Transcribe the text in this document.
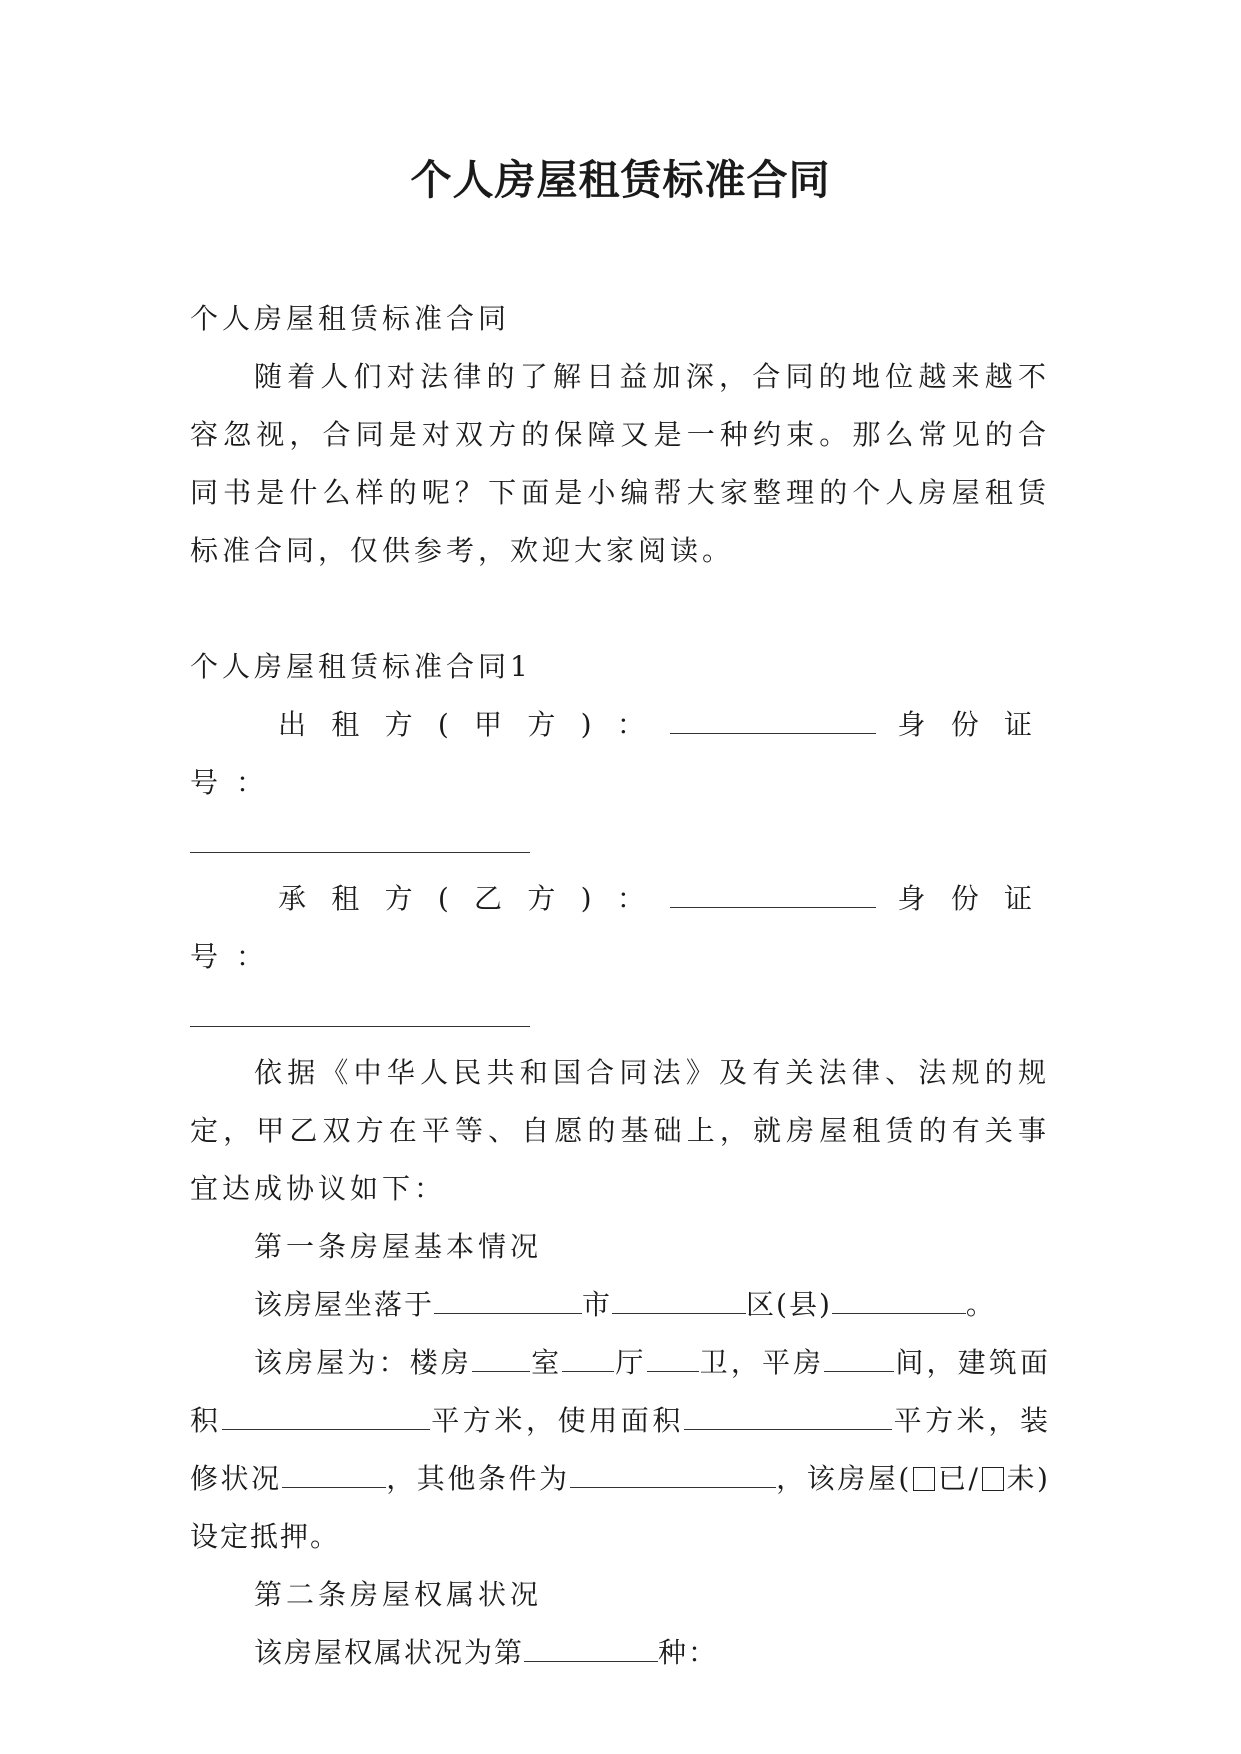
个人房屋租赁标准合同

个人房屋租赁标准合同

随着人们对法律的了解日益加深，合同的地位越来越不容忽视，合同是对双方的保障又是一种约束。那么常见的合同书是什么样的呢？下面是小编帮大家整理的个人房屋租赁标准合同，仅供参考，欢迎大家阅读。

个人房屋租赁标准合同1

出租方(甲方)：	身份证号：

承租方(乙方)：	身份证号：

依据《中华人民共和国合同法》及有关法律、法规的规定，甲乙双方在平等、自愿的基础上，就房屋租赁的有关事宜达成协议如下：

第一条房屋基本情况

该房屋坐落于	市	区(县)	。

该房屋为：楼房 室 厅 卫，平房	间，建筑面积	平方米，使用面积	平方米，装修状况	，其他条件为	，该房屋( 已/ 未)设定抵押。

第二条房屋权属状况

该房屋权属状况为第	种：
